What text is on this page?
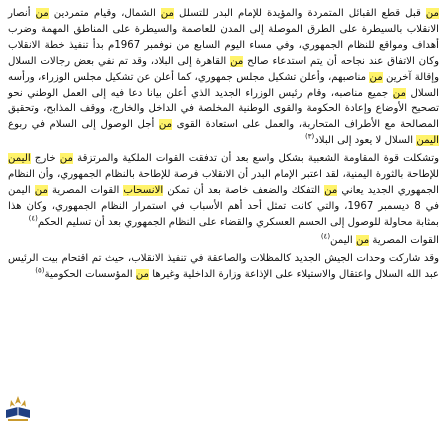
من قبل قطع القبائل المتمردة والمؤيدة للإمام البدر للتسلل من الشمال، وقيام متمردين من أنصار الانقلاب بالسيطرة على الطرق الموصلة إلى المدن للعاصمة والسيطرة على المناطق المهمة وضرب أهداف ومواقع للنظام الجمهوري، وفي مساء اليوم السابع من نوفمبر 1967م بدأ تنفيذ خطة الانقلاب وكان الاتفاق عند نجاحه أن يتم استدعاء صالح من القاهرة إلى البلاد، وقد تم نفي بعض رجالات السلال وإقالة آخرين من مناصبهم، وأعلن تشكيل مجلس جمهوري، كما أعلن عن تشكيل مجلس الوزراء، ورأسه السلال من جميع مناصبه، وقام رئيس الوزراء الجديد الذي أعلن بيانا دعا فيه إلى العمل الوطني نحو تصحيح الأوضاع وإعادة الحكومة والقوى الوطنية المخلصة في الداخل والخارج، ووقف المذابح، وتحقيق المصالحة مع الأطراف المتحاربة، والعمل على استعادة القوى من أجل الوصول إلى السلام في ربوع اليمن السلال لا يعود إلى البلاد$^{(٣)}$

وتشكلت قوة المقاومة الشعبية بشكل واسع بعد أن تدفقت القوات الملكية والمرتزقة من خارج اليمن للإطاحة بالثورة اليمنية، لقد اعتبر الإمام البدر أن الانقلاب فرصة للإطاحة بالنظام الجمهوري، وأن النظام الجمهوري الجديد يعاني من التفكك والضعف خاصة بعد أن تمكن الانسحاب القوات المصرية من اليمن في 8 ديسمبر 1967، والتي كانت تمثل أحد أهم الأسباب في استمرار النظام الجمهوري، وكان هذا بمثابة محاولة للوصول إلى الحسم العسكري والقضاء على النظام الجمهوري بعد أن تسليم الحكم$^{(٤)}$

القوات المصرية من اليمن$^{(٤)}$

وقد شاركت وحدات الجيش الجديد كالمظلات والصاعقة في تنفيذ الانقلاب، حيث تم اقتحام بيت الرئيس عبد الله السلال واعتقال والاستيلاء على الإذاعة وزارة الداخلية وغيرها من المؤسسات الحكومية$^{(٥)}$
